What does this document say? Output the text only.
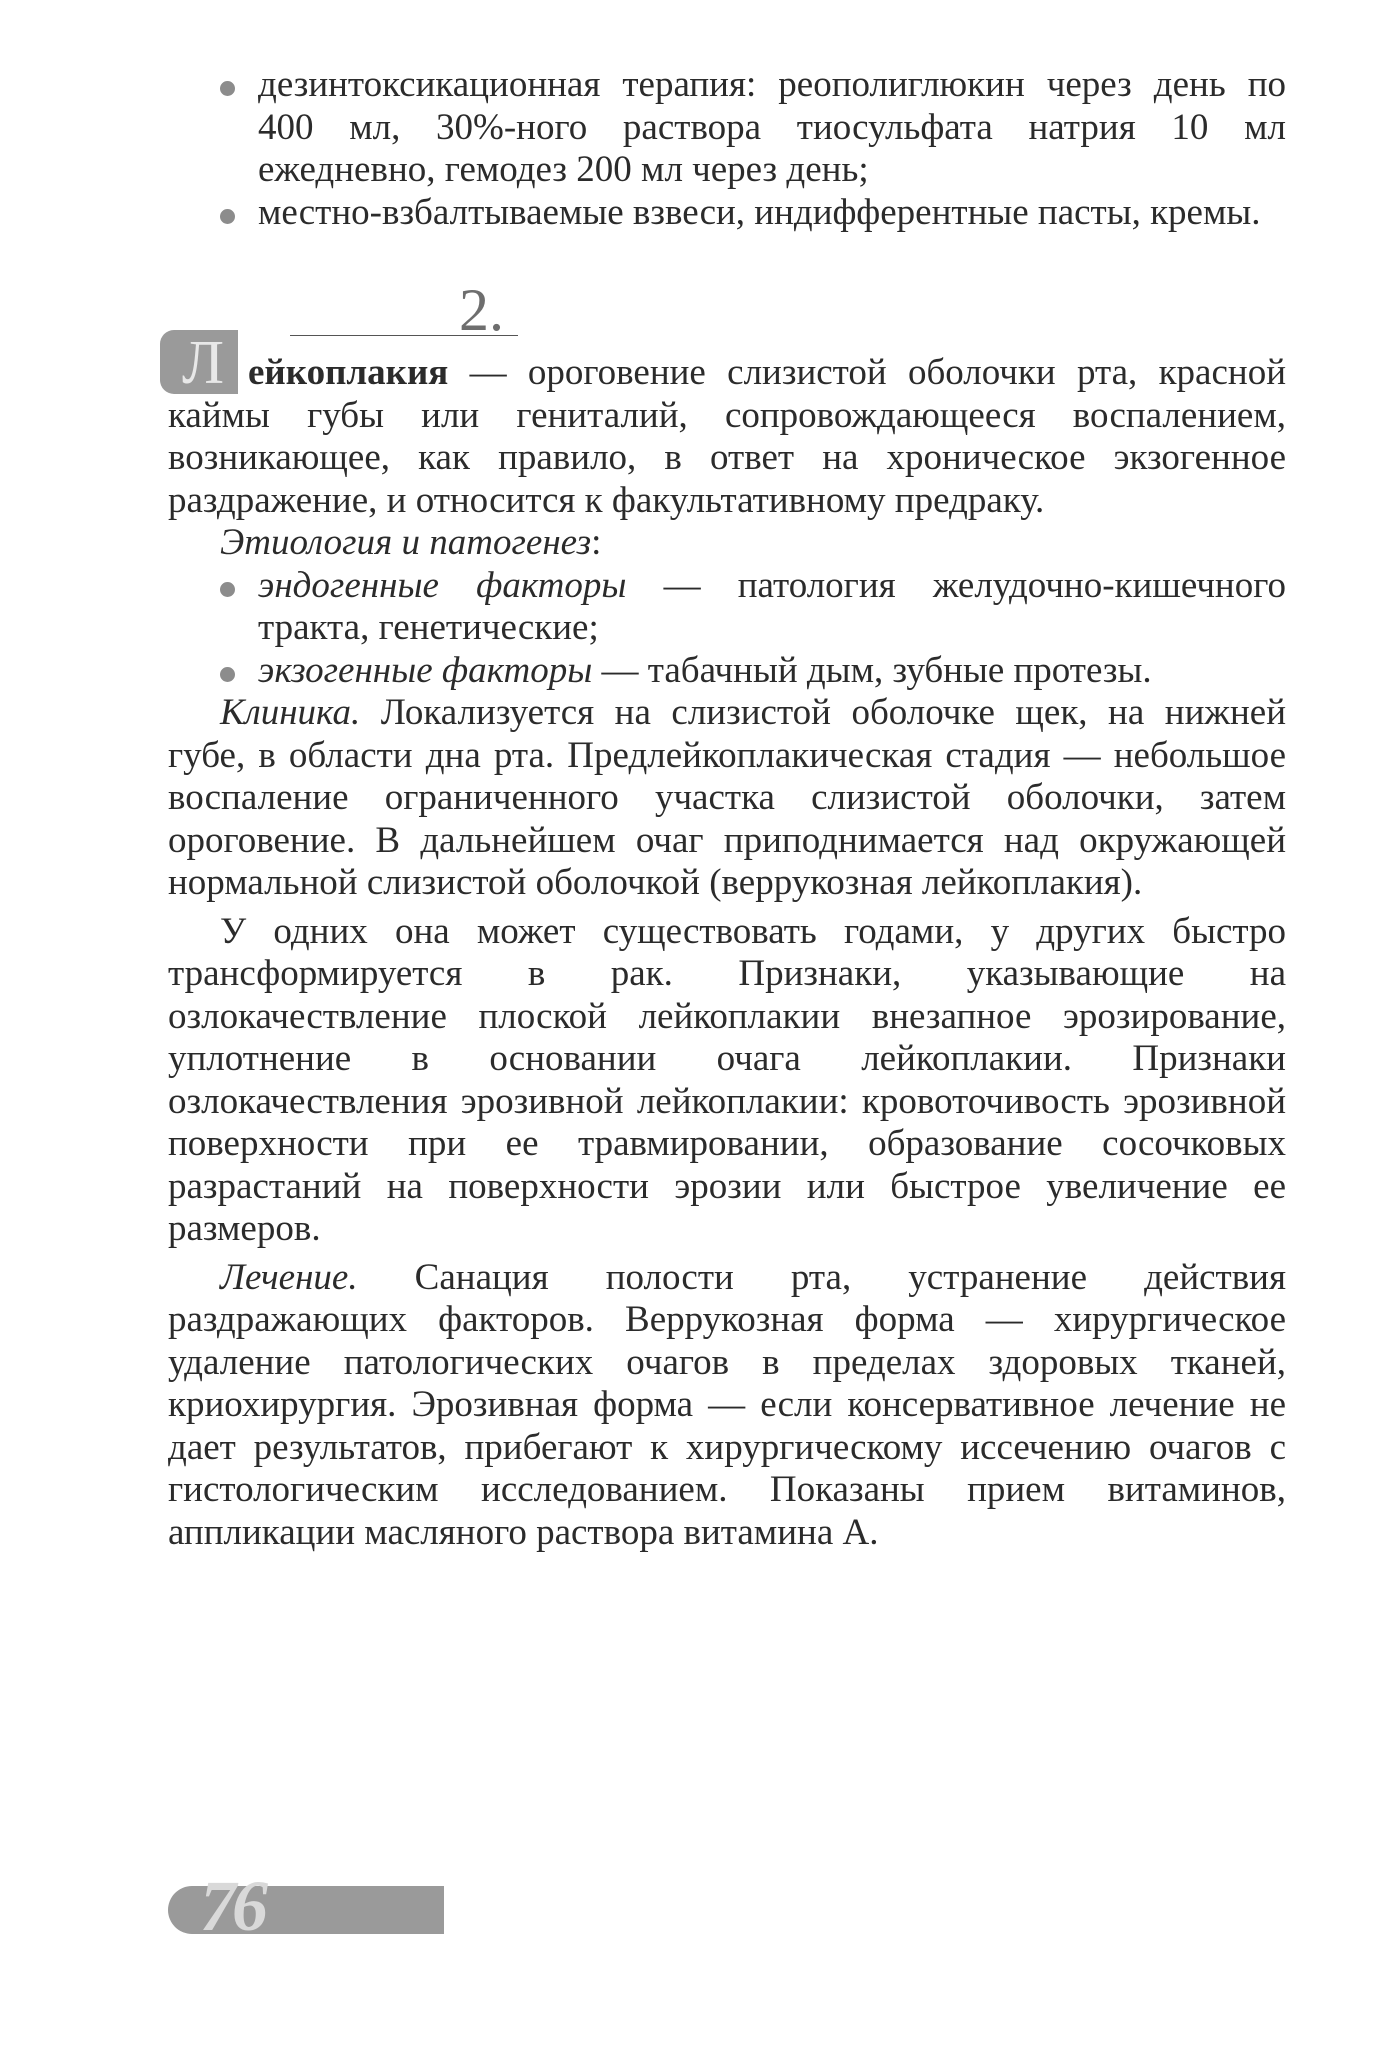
дезинтоксикационная терапия: реополиглюкин через день по 400 мл, 30%-ного раствора тиосульфата натрия 10 мл ежедневно, гемодез 200 мл через день;
местно-взбалтываемые взвеси, индифферентные пасты, кремы.
2.
Л ейкоплакия — ороговение слизистой оболочки рта, красной каймы губы или гениталий, сопровождающееся воспалением, возникающее, как правило, в ответ на хроническое экзогенное раздражение, и относится к факультативному предраку.

Этиология и патогенез:

эндогенные факторы — патология желудочно-кишечного тракта, генетические;
экзогенные факторы — табачный дым, зубные протезы.

Клиника. Локализуется на слизистой оболочке щек, на нижней губе, в области дна рта. Предлейкоплакическая стадия — небольшое воспаление ограниченного участка слизистой оболочки, затем ороговение. В дальнейшем очаг приподнимается над окружающей нормальной слизистой оболочкой (веррукозная лейкоплакия).

У одних она может существовать годами, у других быстро трансформируется в рак. Признаки, указывающие на озлокачествление плоской лейкоплакии внезапное эрозирование, уплотнение в основании очага лейкоплакии. Признаки озлокачествления эрозивной лейкоплакии: кровоточивость эрозивной поверхности при ее травмировании, образование сосочковых разрастаний на поверхности эрозии или быстрое увеличение ее размеров.

Лечение. Санация полости рта, устранение действия раздражающих факторов. Веррукозная форма — хирургическое удаление патологических очагов в пределах здоровых тканей, криохирургия. Эрозивная форма — если консервативное лечение не дает результатов, прибегают к хирургическому иссечению очагов с гистологическим исследованием. Показаны прием витаминов, аппликации масляного раствора витамина А.

76
